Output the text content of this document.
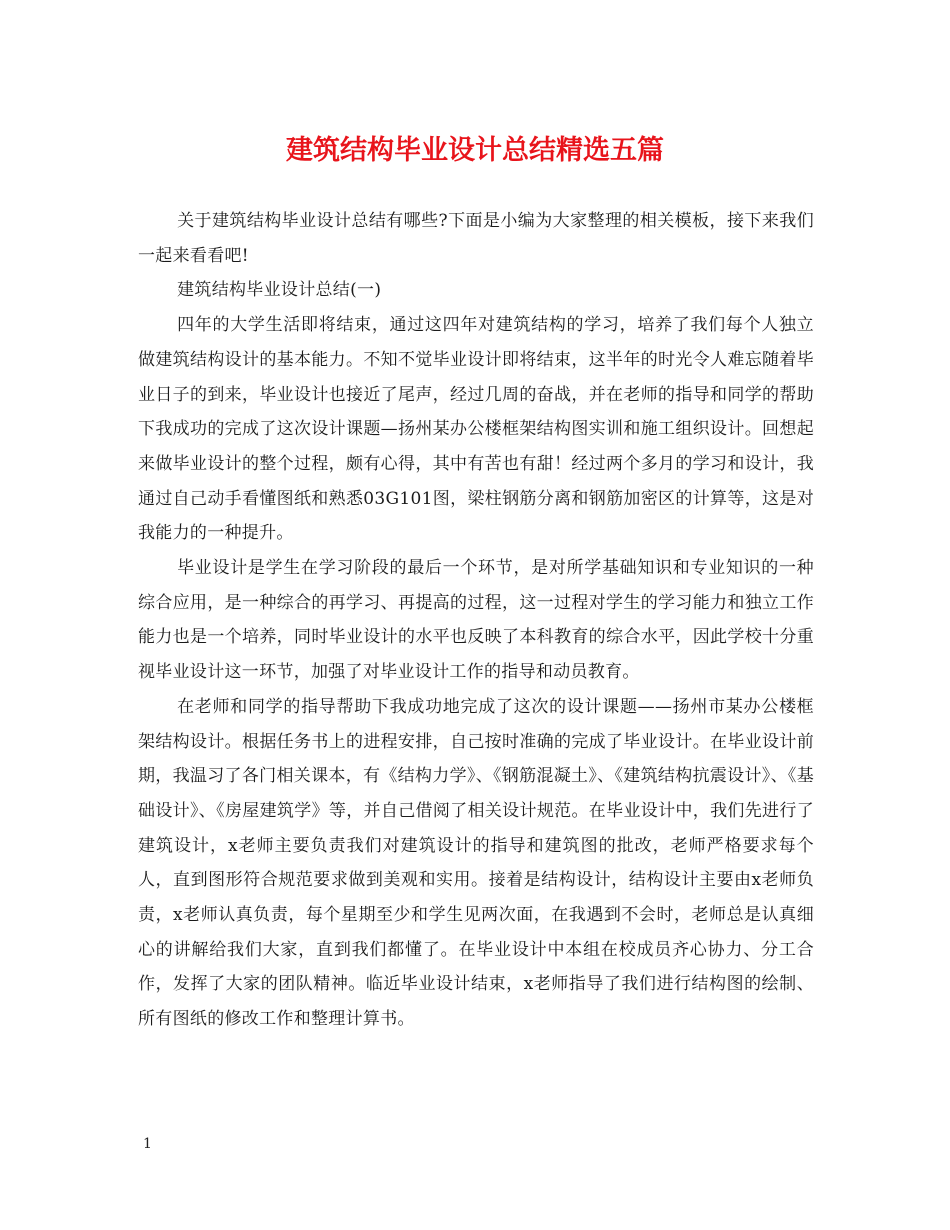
建筑结构毕业设计总结精选五篇

关于建筑结构毕业设计总结有哪些?下面是小编为大家整理的相关模板，接下来我们一起来看看吧!

建筑结构毕业设计总结(一)

四年的大学生活即将结束，通过这四年对建筑结构的学习，培养了我们每个人独立做建筑结构设计的基本能力。不知不觉毕业设计即将结束，这半年的时光令人难忘随着毕业日子的到来，毕业设计也接近了尾声，经过几周的奋战，并在老师的指导和同学的帮助下我成功的完成了这次设计课题—扬州某办公楼框架结构图实训和施工组织设计。回想起来做毕业设计的整个过程，颇有心得，其中有苦也有甜！经过两个多月的学习和设计，我通过自己动手看懂图纸和熟悉03G101图，梁柱钢筋分离和钢筋加密区的计算等，这是对我能力的一种提升。

毕业设计是学生在学习阶段的最后一个环节，是对所学基础知识和专业知识的一种综合应用，是一种综合的再学习、再提高的过程，这一过程对学生的学习能力和独立工作能力也是一个培养，同时毕业设计的水平也反映了本科教育的综合水平，因此学校十分重视毕业设计这一环节，加强了对毕业设计工作的指导和动员教育。

在老师和同学的指导帮助下我成功地完成了这次的设计课题——扬州市某办公楼框架结构设计。根据任务书上的进程安排，自己按时准确的完成了毕业设计。在毕业设计前期，我温习了各门相关课本，有《结构力学》、《钢筋混凝土》、《建筑结构抗震设计》、《基础设计》、《房屋建筑学》等，并自己借阅了相关设计规范。在毕业设计中，我们先进行了建筑设计，x老师主要负责我们对建筑设计的指导和建筑图的批改，老师严格要求每个人，直到图形符合规范要求做到美观和实用。接着是结构设计，结构设计主要由x老师负责，x老师认真负责，每个星期至少和学生见两次面，在我遇到不会时，老师总是认真细心的讲解给我们大家，直到我们都懂了。在毕业设计中本组在校成员齐心协力、分工合作，发挥了大家的团队精神。临近毕业设计结束，x老师指导了我们进行结构图的绘制、所有图纸的修改工作和整理计算书。

1
